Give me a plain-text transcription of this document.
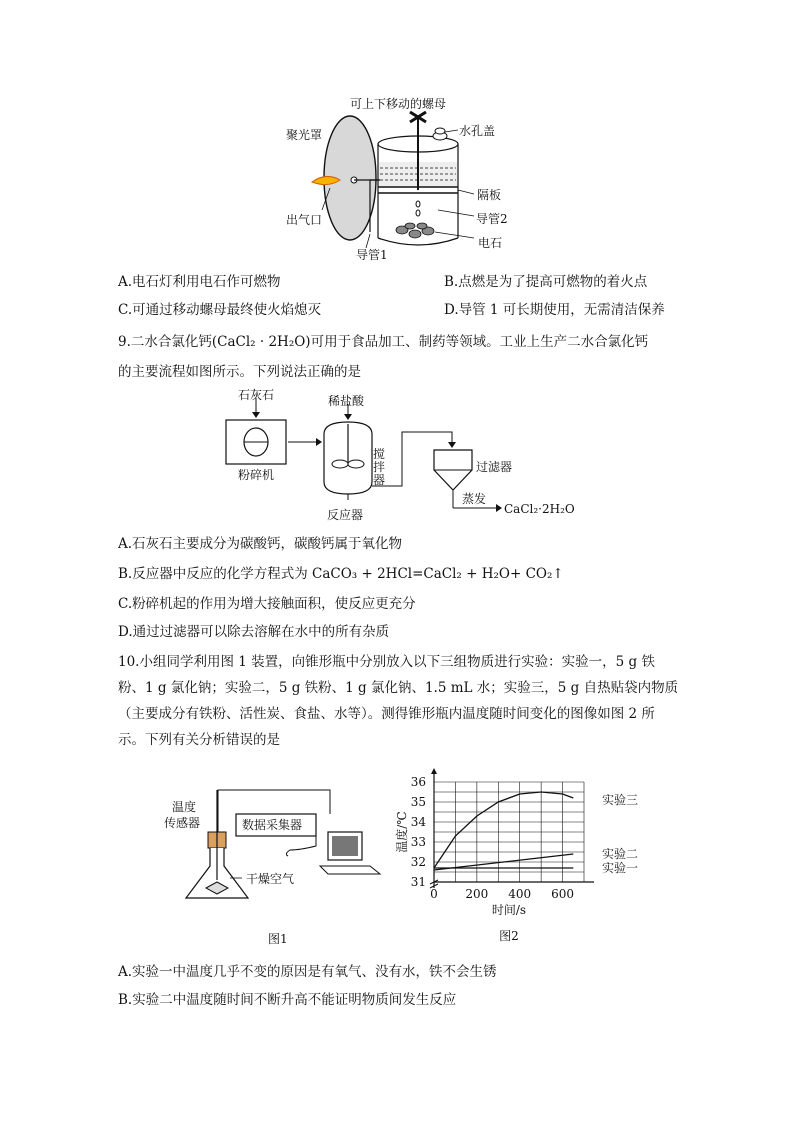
可上下移动的螺母
聚光罩	水孔盖
隔板
出气口	导管2
导管1
电石
A.电石灯利用电石作可燃物	B.点燃是为了提高可燃物的着火点
C.可通过移动螺母最终使火焰熄灭	D.导管 1 可长期使用，无需清洁保养
9.二水合氯化钙(CaCl₂ · 2H₂O)可用于食品加工、制药等领域。工业上生产二水合氯化钙
的主要流程如图所示。下列说法正确的是
石灰石	稀盐酸
粉碎机
搅拌器
反应器
过滤器
蒸发
CaCl₂·2H₂O
A.石灰石主要成分为碳酸钙，碳酸钙属于氧化物
B.反应器中反应的化学方程式为 CaCO₃ + 2HCl=CaCl₂ + H₂O+ CO₂↑
C.粉碎机起的作用为增大接触面积，使反应更充分
D.通过过滤器可以除去溶解在水中的所有杂质
10.小组同学利用图 1 装置，向锥形瓶中分别放入以下三组物质进行实验：实验一，5 g 铁
粉、1 g 氯化钠；实验二，5 g 铁粉、1 g 氯化钠、1.5 mL 水；实验三，5 g 自热贴袋内物质
（主要成分有铁粉、活性炭、食盐、水等）。测得锥形瓶内温度随时间变化的图像如图 2 所
示。下列有关分析错误的是
温度
传感器	数据采集器
干燥空气
图1
31
32
33
34
35
36
0 200 400 600
时间/s
温度/℃
实验三
实验二
实验一
图2
A.实验一中温度几乎不变的原因是有氧气、没有水，铁不会生锈
B.实验二中温度随时间不断升高不能证明物质间发生反应
